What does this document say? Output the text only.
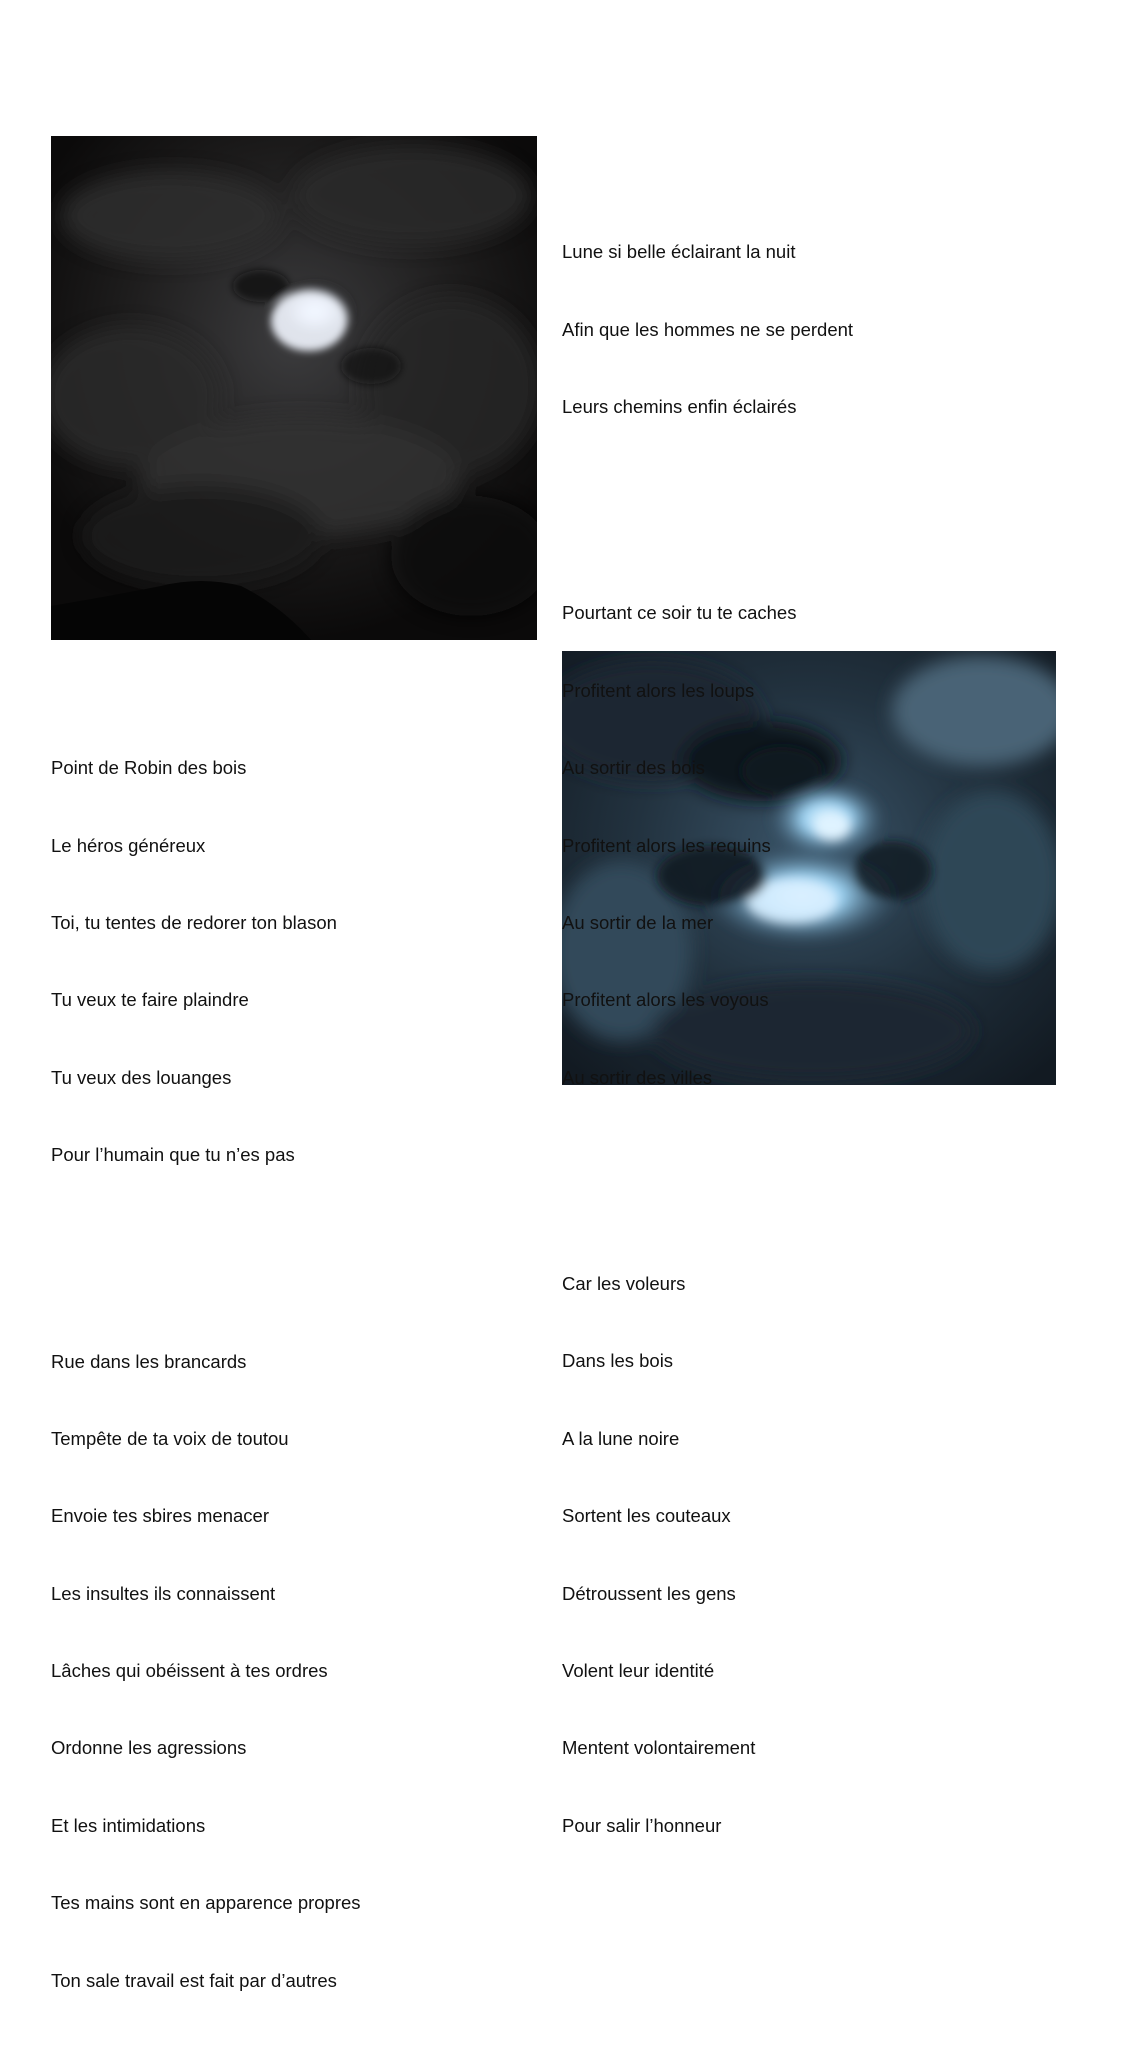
Lune si belle éclairant la nuit

Afin que les hommes ne se perdent

Leurs chemins enfin éclairés

Pourtant ce soir tu te caches

Profitent alors les loups

Au sortir des bois

Profitent alors les requins

Au sortir de la mer

Profitent alors les voyous

Au sortir des villes

Car les voleurs

Dans les bois

A la lune noire

Sortent les couteaux

Détroussent les gens

Volent leur identité

Mentent volontairement

Pour salir l’honneur

Point de Robin des bois

Le héros généreux

Toi, tu tentes de redorer ton blason

Tu veux te faire plaindre

Tu veux des louanges

Pour l’humain que tu n’es pas

Rue dans les brancards

Tempête de ta voix de toutou

Envoie tes sbires menacer

Les insultes ils connaissent

Lâches qui obéissent à tes ordres

Ordonne les agressions

Et les intimidations

Tes mains sont en apparence propres

Ton sale travail est fait par d’autres
